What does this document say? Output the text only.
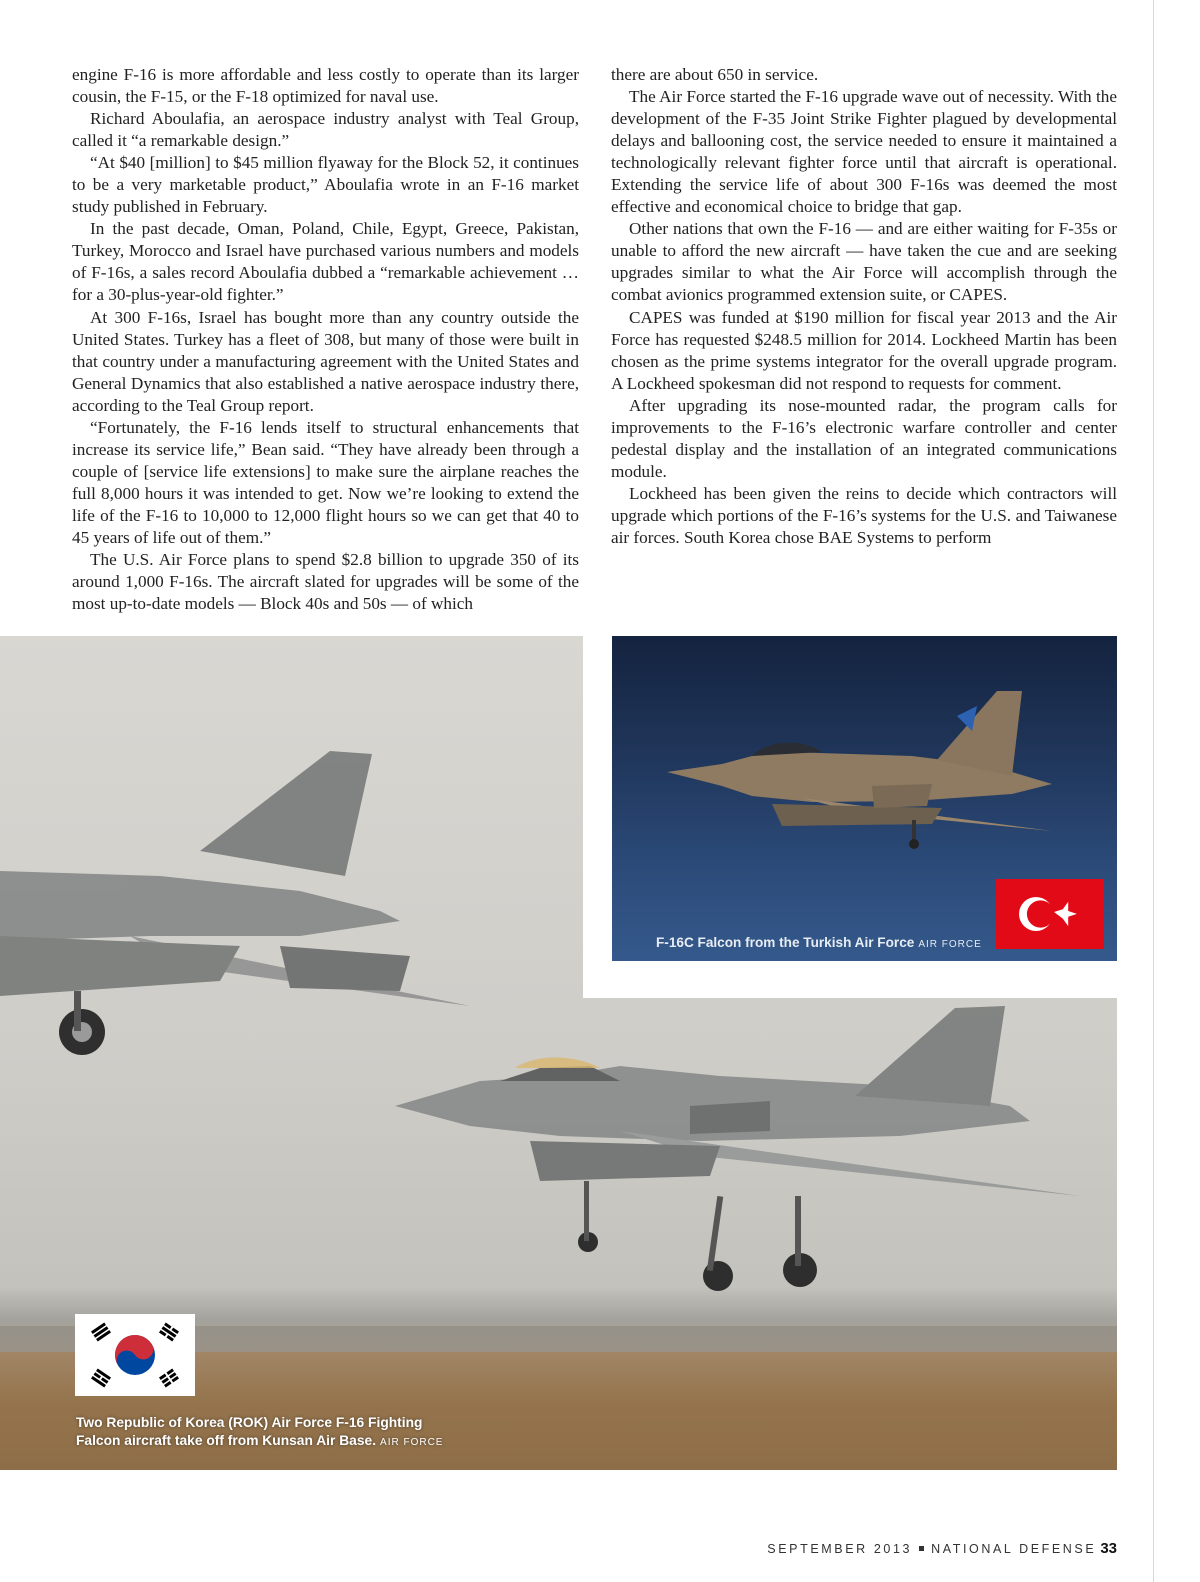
engine F-16 is more affordable and less costly to operate than its larger cousin, the F-15, or the F-18 optimized for naval use.

Richard Aboulafia, an aerospace industry analyst with Teal Group, called it “a remarkable design.”

“At $40 [million] to $45 million flyaway for the Block 52, it continues to be a very marketable product,” Aboulafia wrote in an F-16 market study published in February.

In the past decade, Oman, Poland, Chile, Egypt, Greece, Pakistan, Turkey, Morocco and Israel have purchased various numbers and models of F-16s, a sales record Aboulafia dubbed a “remarkable achievement … for a 30-plus-year-old fighter.”

At 300 F-16s, Israel has bought more than any country outside the United States. Turkey has a fleet of 308, but many of those were built in that country under a manufacturing agreement with the United States and General Dynamics that also established a native aerospace industry there, according to the Teal Group report.

“Fortunately, the F-16 lends itself to structural enhancements that increase its service life,” Bean said. “They have already been through a couple of [service life extensions] to make sure the airplane reaches the full 8,000 hours it was intended to get. Now we’re looking to extend the life of the F-16 to 10,000 to 12,000 flight hours so we can get that 40 to 45 years of life out of them.”

The U.S. Air Force plans to spend $2.8 billion to upgrade 350 of its around 1,000 F-16s. The aircraft slated for upgrades will be some of the most up-to-date models — Block 40s and 50s — of which

there are about 650 in service.

The Air Force started the F-16 upgrade wave out of necessity. With the development of the F-35 Joint Strike Fighter plagued by developmental delays and ballooning cost, the service needed to ensure it maintained a technologically relevant fighter force until that aircraft is operational. Extending the service life of about 300 F-16s was deemed the most effective and economical choice to bridge that gap.

Other nations that own the F-16 — and are either waiting for F-35s or unable to afford the new aircraft — have taken the cue and are seeking upgrades similar to what the Air Force will accomplish through the combat avionics programmed extension suite, or CAPES.

CAPES was funded at $190 million for fiscal year 2013 and the Air Force has requested $248.5 million for 2014. Lockheed Martin has been chosen as the prime systems integrator for the overall upgrade program. A Lockheed spokesman did not respond to requests for comment.

After upgrading its nose-mounted radar, the program calls for improvements to the F-16’s electronic warfare controller and center pedestal display and the installation of an integrated communications module.

Lockheed has been given the reins to decide which contractors will upgrade which portions of the F-16’s systems for the U.S. and Taiwanese air forces. South Korea chose BAE Systems to perform

F-16C Falcon from the Turkish Air Force AIR FORCE
Two Republic of Korea (ROK) Air Force F-16 Fighting
Falcon aircraft take off from Kunsan Air Base. AIR FORCE
SEPTEMBER 2013 NATIONAL DEFENSE 33
